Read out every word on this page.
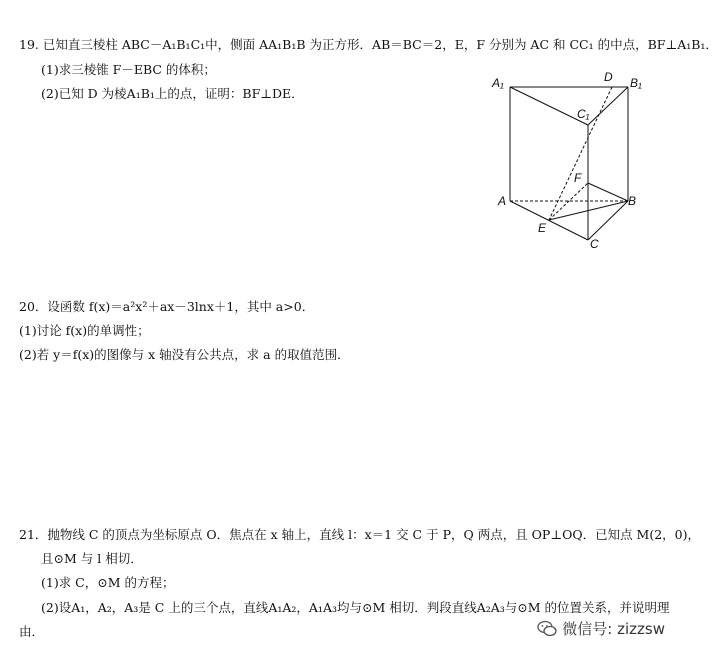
19. 已知直三棱柱 ABC－A₁B₁C₁中，侧面 AA₁B₁B 为正方形．AB＝BC＝2，E，F 分别为 AC 和 CC₁ 的中点，BF⊥A₁B₁．
(1)求三棱锥 F－EBC 的体积；
(2)已知 D 为棱A₁B₁上的点，证明：BF⊥DE．
A₁	D B₁
C₁
F
A	B
E
C
20．设函数 f(x)＝a²x²＋ax－3lnx＋1，其中 a>0．
(1)讨论 f(x)的单调性；
(2)若 y＝f(x)的图像与 x 轴没有公共点，求 a 的取值范围．
21．抛物线 C 的顶点为坐标原点 O．焦点在 x 轴上，直线 l：x＝1 交 C 于 P，Q 两点，且 OP⊥OQ．已知点 M(2，0)，
且⊙M 与 l 相切．
(1)求 C，⊙M 的方程；
(2)设A₁，A₂，A₃是 C 上的三个点，直线A₁A₂，A₁A₃均与⊙M 相切．判段直线A₂A₃与⊙M 的位置关系，并说明理
由．	微信号: zizzsw
